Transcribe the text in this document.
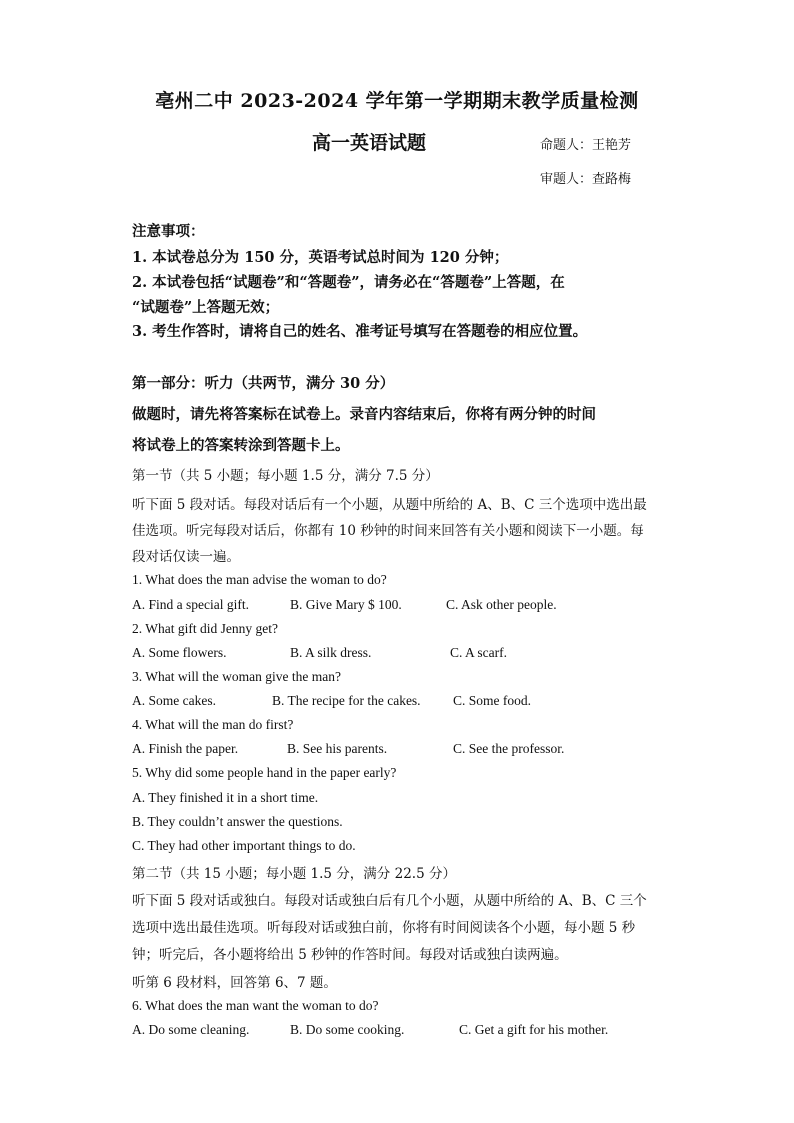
亳州二中 2023-2024 学年第一学期期末教学质量检测
高一英语试题	命题人：王艳芳
审题人：查路梅
注意事项：
1. 本试卷总分为 150 分，英语考试总时间为 120 分钟；
2. 本试卷包括“试题卷”和“答题卷”，请务必在“答题卷”上答题，在
“试题卷”上答题无效；
3. 考生作答时，请将自己的姓名、准考证号填写在答题卷的相应位置。
第一部分：听力（共两节，满分 30 分）
做题时，请先将答案标在试卷上。录音内容结束后，你将有两分钟的时间
将试卷上的答案转涂到答题卡上。
第一节（共 5 小题；每小题 1.5 分，满分 7.5 分）
听下面 5 段对话。每段对话后有一个小题，从题中所给的 A、B、C 三个选项中选出最
佳选项。听完每段对话后，你都有 10 秒钟的时间来回答有关小题和阅读下一小题。每
段对话仅读一遍。
1. What does the man advise the woman to do?
A. Find a special gift.	B. Give Mary $ 100.	C. Ask other people.
2. What gift did Jenny get?
A. Some flowers.	B. A silk dress.	C. A scarf.
3. What will the woman give the man?
A. Some cakes.	B. The recipe for the cakes. C. Some food.
4. What will the man do first?
A. Finish the paper.	B. See his parents.	C. See the professor.
5. Why did some people hand in the paper early?
A. They finished it in a short time.
B. They couldn’t answer the questions.
C. They had other important things to do.
第二节（共 15 小题；每小题 1.5 分，满分 22.5 分）
听下面 5 段对话或独白。每段对话或独白后有几个小题，从题中所给的 A、B、C 三个
选项中选出最佳选项。听每段对话或独白前，你将有时间阅读各个小题，每小题 5 秒
钟；听完后，各小题将给出 5 秒钟的作答时间。每段对话或独白读两遍。
听第 6 段材料，回答第 6、7 题。
6. What does the man want the woman to do?
A. Do some cleaning.	B. Do some cooking.	C. Get a gift for his mother.
